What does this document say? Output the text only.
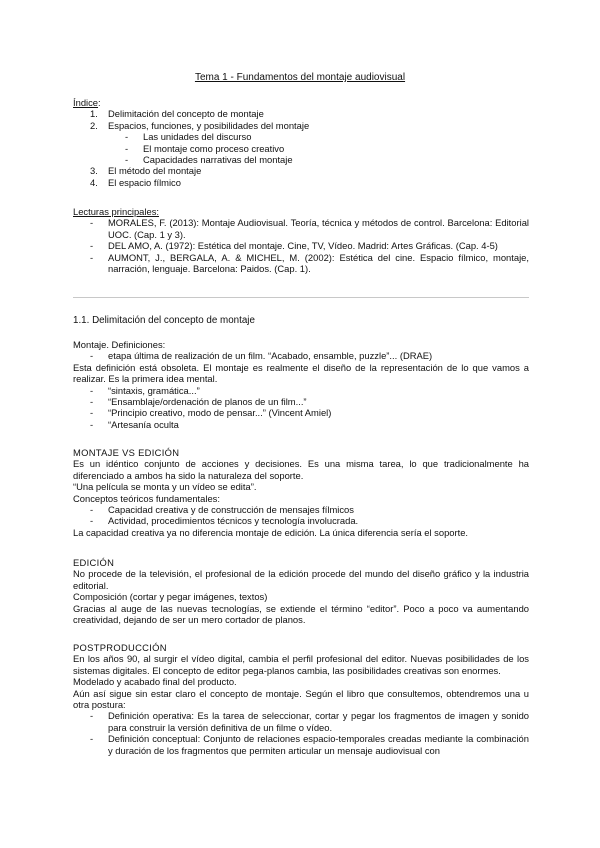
Tema 1 - Fundamentos del montaje audiovisual
Índice:
1. Delimitación del concepto de montaje
2. Espacios, funciones, y posibilidades del montaje
- Las unidades del discurso
- El montaje como proceso creativo
- Capacidades narrativas del montaje
3. El método del montaje
4. El espacio fílmico
Lecturas principales:
- MORALES, F. (2013): Montaje Audiovisual. Teoría, técnica y métodos de control. Barcelona: Editorial UOC. (Cap. 1 y 3).
- DEL AMO, A. (1972): Estética del montaje. Cine, TV, Vídeo. Madrid: Artes Gráficas. (Cap. 4-5)
- AUMONT, J., BERGALA, A. & MICHEL, M. (2002): Estética del cine. Espacio fílmico, montaje, narración, lenguaje. Barcelona: Paidos. (Cap. 1).
1.1. Delimitación del concepto de montaje

Montaje. Definiciones:

- etapa última de realización de un film. “Acabado, ensamble, puzzle”... (DRAE)

Esta definición está obsoleta. El montaje es realmente el diseño de la representación de lo que vamos a realizar. Es la primera idea mental.

- “sintaxis, gramática...”
- “Ensamblaje/ordenación de planos de un film...”
- “Principio creativo, modo de pensar...” (Vincent Amiel)
- “Artesanía oculta
MONTAJE VS EDICIÓN

Es un idéntico conjunto de acciones y decisiones. Es una misma tarea, lo que tradicionalmente ha diferenciado a ambos ha sido la naturaleza del soporte.

“Una película se monta y un vídeo se edita”.

Conceptos teóricos fundamentales:

- Capacidad creativa y de construcción de mensajes fílmicos
- Actividad, procedimientos técnicos y tecnología involucrada.

La capacidad creativa ya no diferencia montaje de edición. La única diferencia sería el soporte.

EDICIÓN

No procede de la televisión, el profesional de la edición procede del mundo del diseño gráfico y la industria editorial.

Composición (cortar y pegar imágenes, textos)

Gracias al auge de las nuevas tecnologías, se extiende el término “editor”. Poco a poco va aumentando creatividad, dejando de ser un mero cortador de planos.

POSTPRODUCCIÓN

En los años 90, al surgir el vídeo digital, cambia el perfil profesional del editor. Nuevas posibilidades de los sistemas digitales. El concepto de editor pega-planos cambia, las posibilidades creativas son enormes.

Modelado y acabado final del producto.

Aún así sigue sin estar claro el concepto de montaje. Según el libro que consultemos, obtendremos una u otra postura:

- Definición operativa: Es la tarea de seleccionar, cortar y pegar los fragmentos de imagen y sonido para construir la versión definitiva de un filme o vídeo.
- Definición conceptual: Conjunto de relaciones espacio-temporales creadas mediante la combinación y duración de los fragmentos que permiten articular un mensaje audiovisual con
